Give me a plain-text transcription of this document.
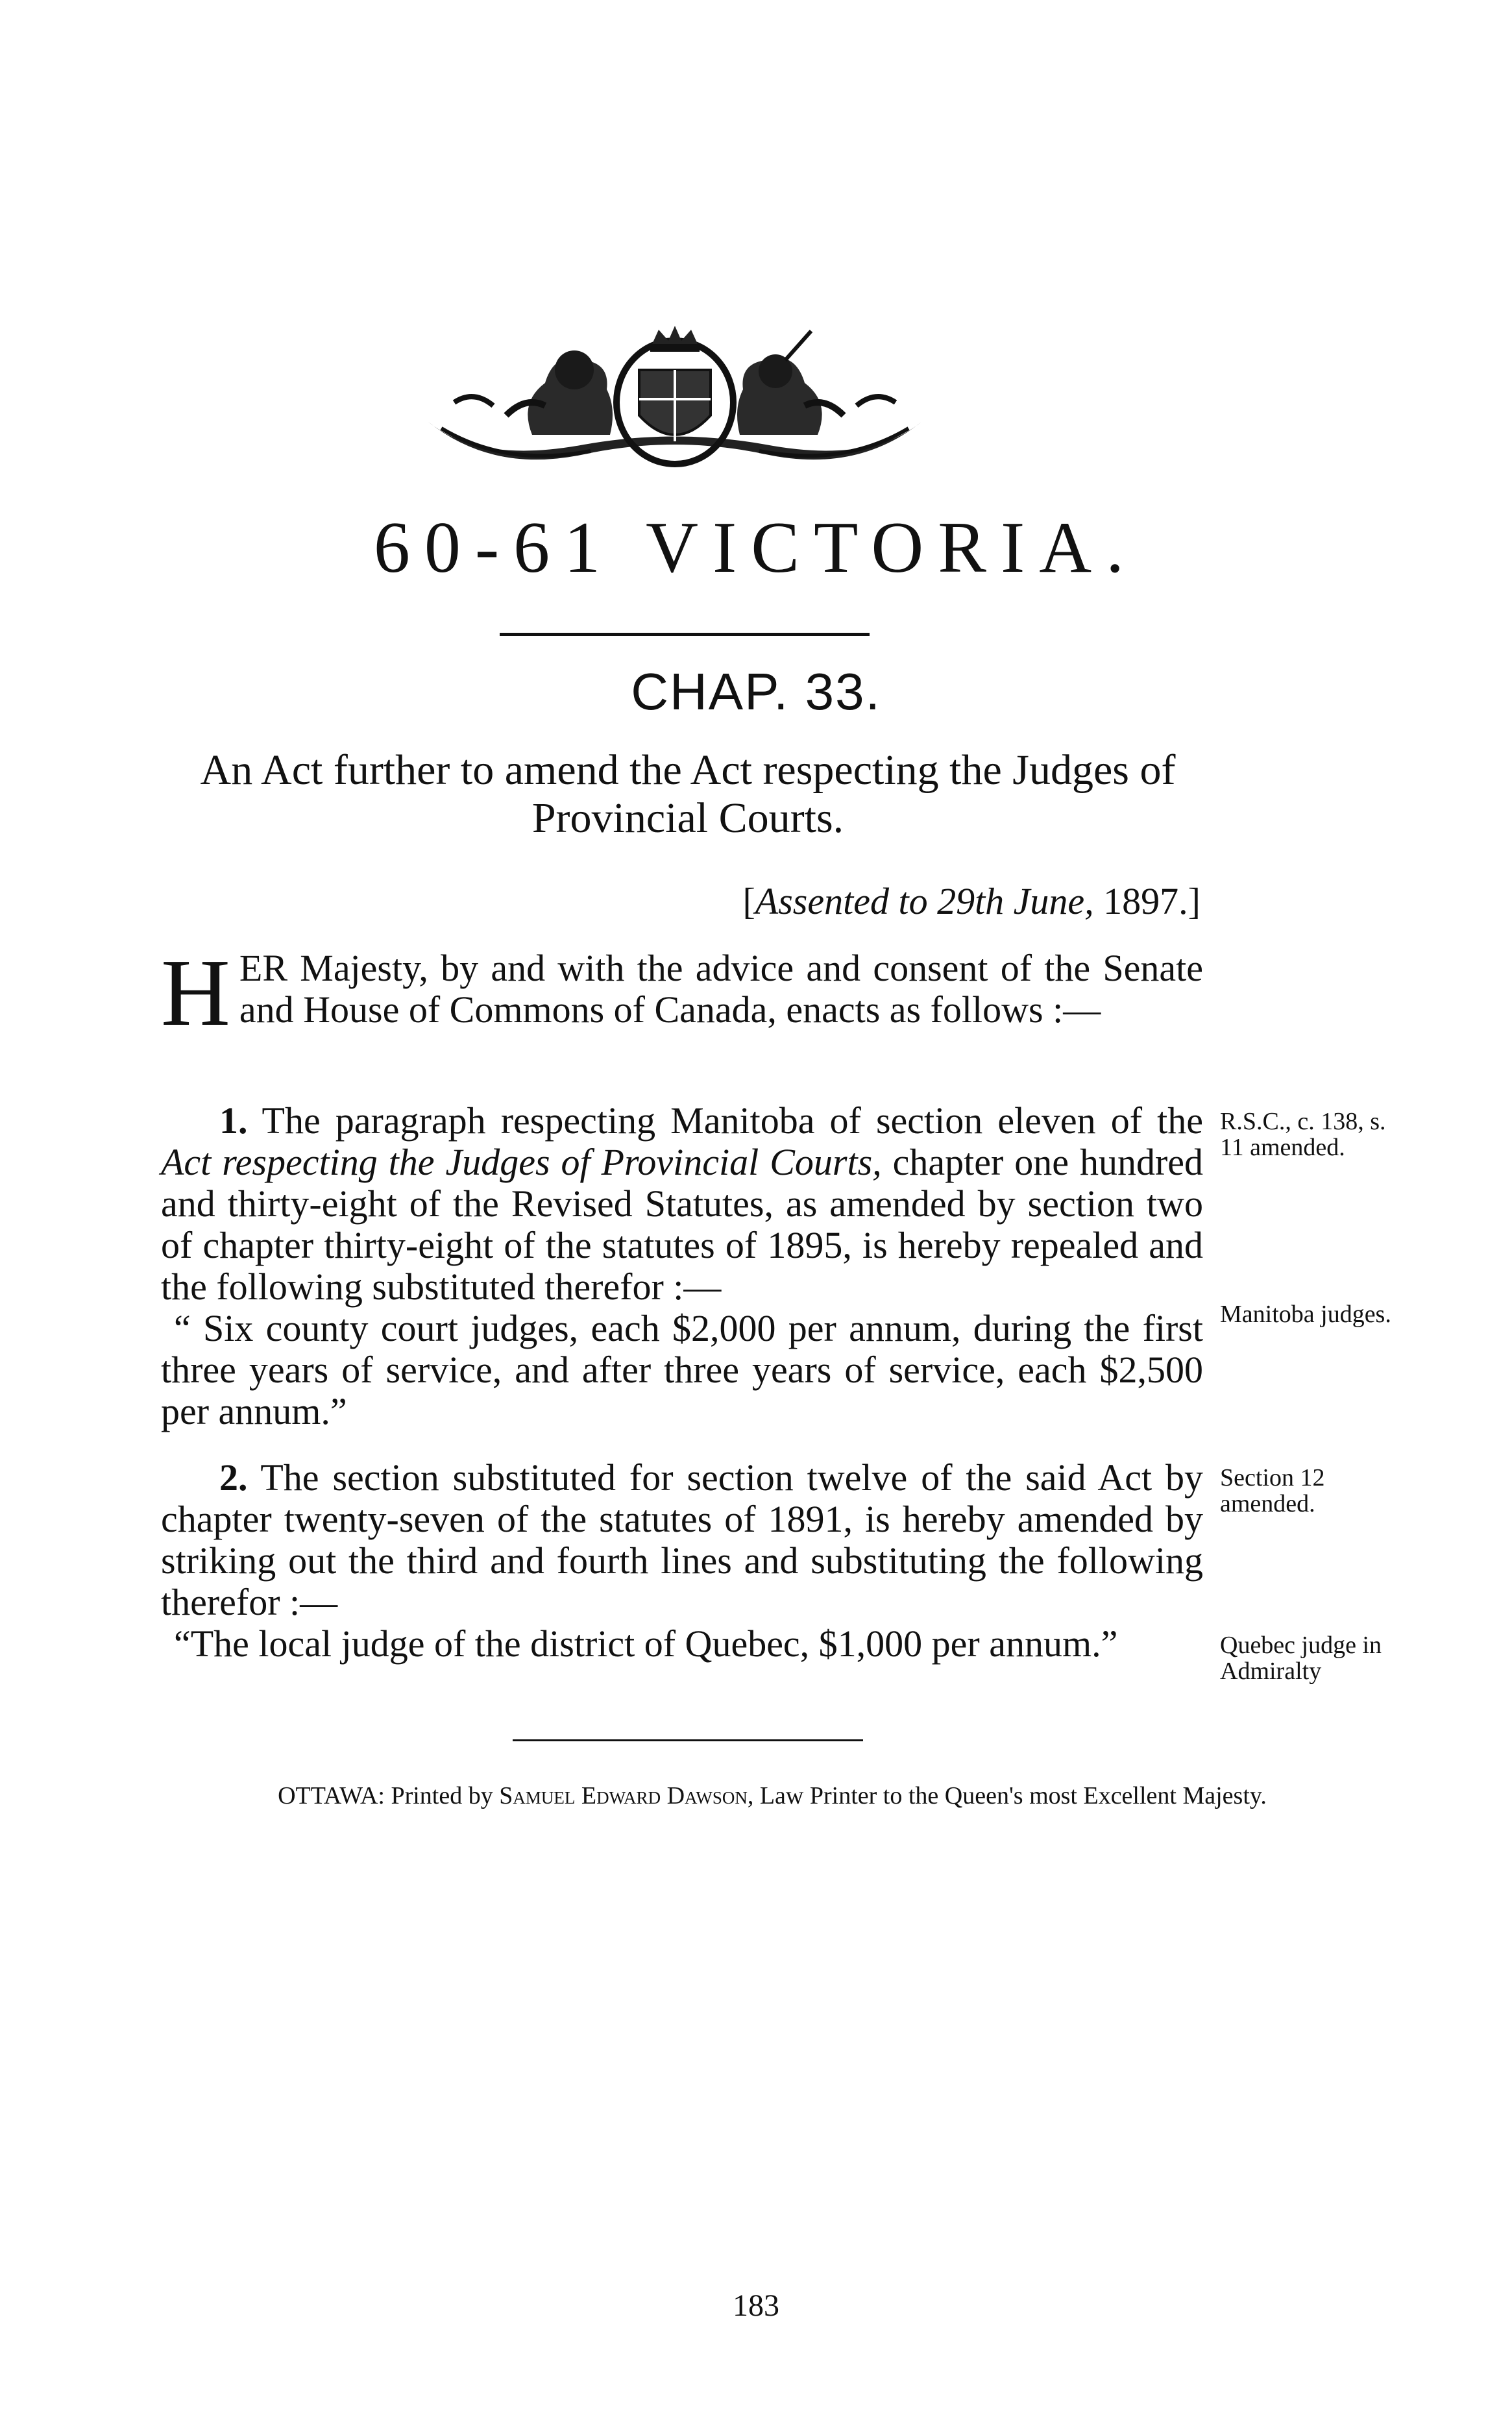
60-61 VICTORIA.
CHAP. 33.
An Act further to amend the Act respecting the Judges of Provincial Courts.
[Assented to 29th June, 1897.]

HER Majesty, by and with the advice and consent of the Senate and House of Commons of Canada, enacts as follows :—

1. The paragraph respecting Manitoba of section eleven of the Act respecting the Judges of Provincial Courts, chapter one hundred and thirty-eight of the Revised Statutes, as amended by section two of chapter thirty-eight of the statutes of 1895, is hereby repealed and the following substituted therefor :—

“ Six county court judges, each $2,000 per annum, during the first three years of service, and after three years of service, each $2,500 per annum.”

2. The section substituted for section twelve of the said Act by chapter twenty-seven of the statutes of 1891, is hereby amended by striking out the third and fourth lines and substituting the following therefor :—

“The local judge of the district of Quebec, $1,000 per annum.”

R.S.C., c. 138, s. 11 amended.
Manitoba judges.
Section 12 amended.
Quebec judge in Admiralty
OTTAWA: Printed by Samuel Edward Dawson, Law Printer to the Queen's most Excellent Majesty.
183
